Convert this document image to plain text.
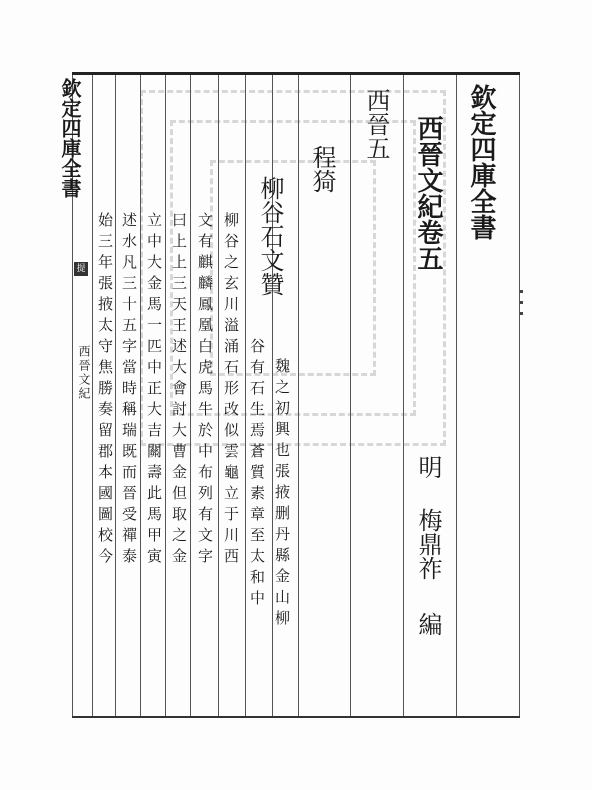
欽定四庫全書
西晉文紀卷五
明
梅鼎祚
編
西晉五
程猗
柳谷石文贊
魏之初興也張掖删丹縣金山柳
谷有石生焉蒼質素章至太和中
柳谷之玄川溢涌石形改似雲龜立于川西
文有麒麟鳳凰白虎馬牛於中布列有文字
曰上上三天王述大會討大曹金但取之金
立中大金馬一匹中正大吉關壽此馬甲寅
述水凡三十五字當時稱瑞既而晉受禪泰
始三年張掖太守焦勝奏留郡本國圖校今
欽定四庫全書
提要
西晉文紀
